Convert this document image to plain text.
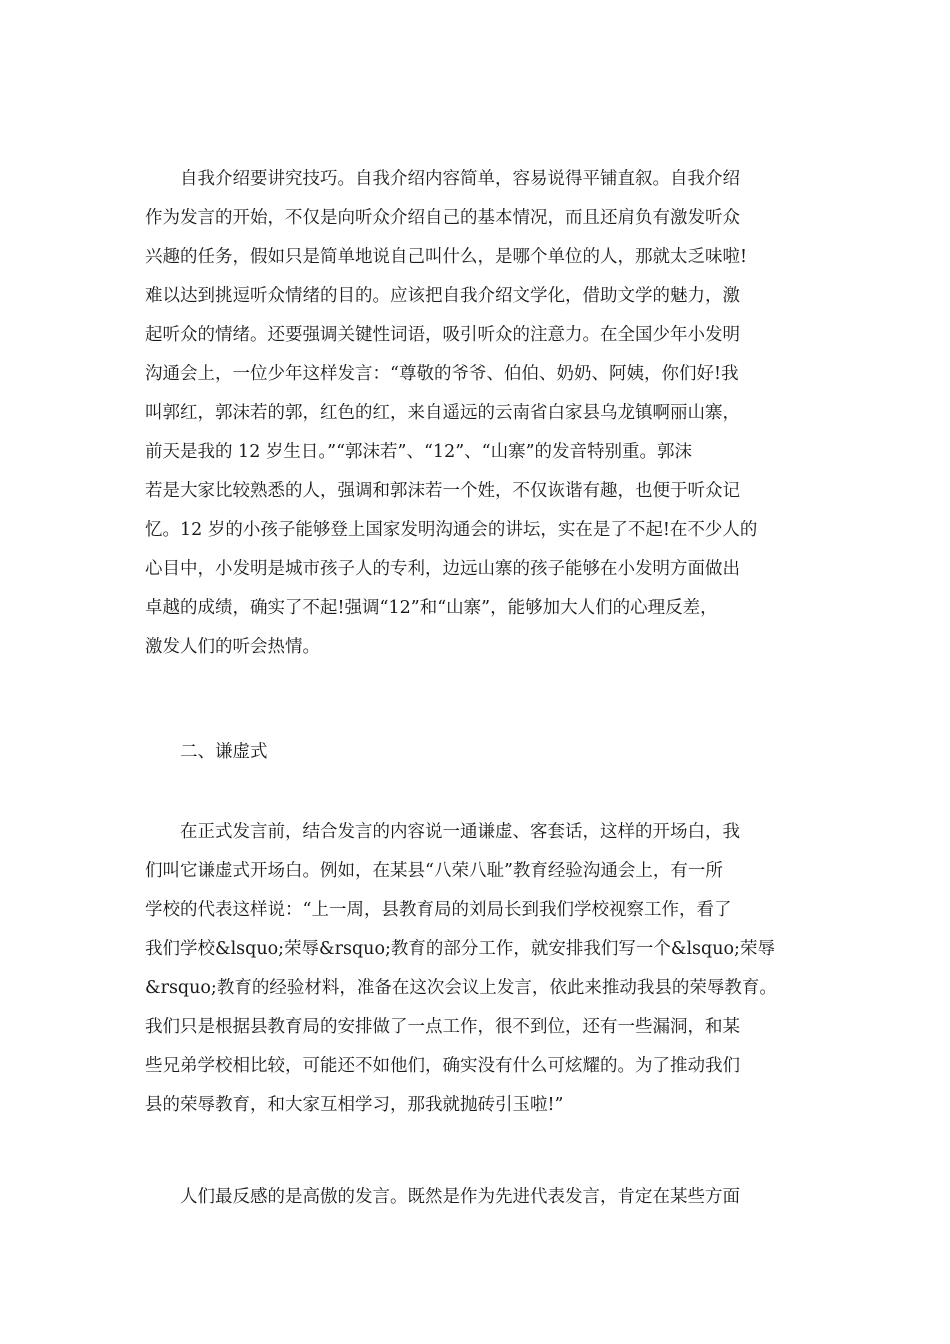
　　自我介绍要讲究技巧。自我介绍内容简单，容易说得平铺直叙。自我介绍
作为发言的开始，不仅是向听众介绍自己的基本情况，而且还肩负有激发听众
兴趣的任务，假如只是简单地说自己叫什么，是哪个单位的人，那就太乏味啦!
难以达到挑逗听众情绪的目的。应该把自我介绍文学化，借助文学的魅力，激
起听众的情绪。还要强调关键性词语，吸引听众的注意力。在全国少年小发明
沟通会上，一位少年这样发言：“尊敬的爷爷、伯伯、奶奶、阿姨，你们好!我
叫郭红，郭沫若的郭，红色的红，来自遥远的云南省白家县乌龙镇啊丽山寨，
前天是我的 12 岁生日。”“郭沫若”、“12”、“山寨”的发音特别重。郭沫
若是大家比较熟悉的人，强调和郭沫若一个姓，不仅诙谐有趣，也便于听众记
忆。12 岁的小孩子能够登上国家发明沟通会的讲坛，实在是了不起!在不少人的
心目中，小发明是城市孩子人的专利，边远山寨的孩子能够在小发明方面做出
卓越的成绩，确实了不起!强调“12”和“山寨”，能够加大人们的心理反差，
激发人们的听会热情。
　　二、谦虚式
　　在正式发言前，结合发言的内容说一通谦虚、客套话，这样的开场白，我
们叫它谦虚式开场白。例如，在某县“八荣八耻”教育经验沟通会上，有一所
学校的代表这样说：“上一周，县教育局的刘局长到我们学校视察工作，看了
我们学校&lsquo;荣辱&rsquo;教育的部分工作，就安排我们写一个&lsquo;荣辱
&rsquo;教育的经验材料，准备在这次会议上发言，依此来推动我县的荣辱教育。
我们只是根据县教育局的安排做了一点工作，很不到位，还有一些漏洞，和某
些兄弟学校相比较，可能还不如他们，确实没有什么可炫耀的。为了推动我们
县的荣辱教育，和大家互相学习，那我就抛砖引玉啦!”
　　人们最反感的是高傲的发言。既然是作为先进代表发言，肯定在某些方面
